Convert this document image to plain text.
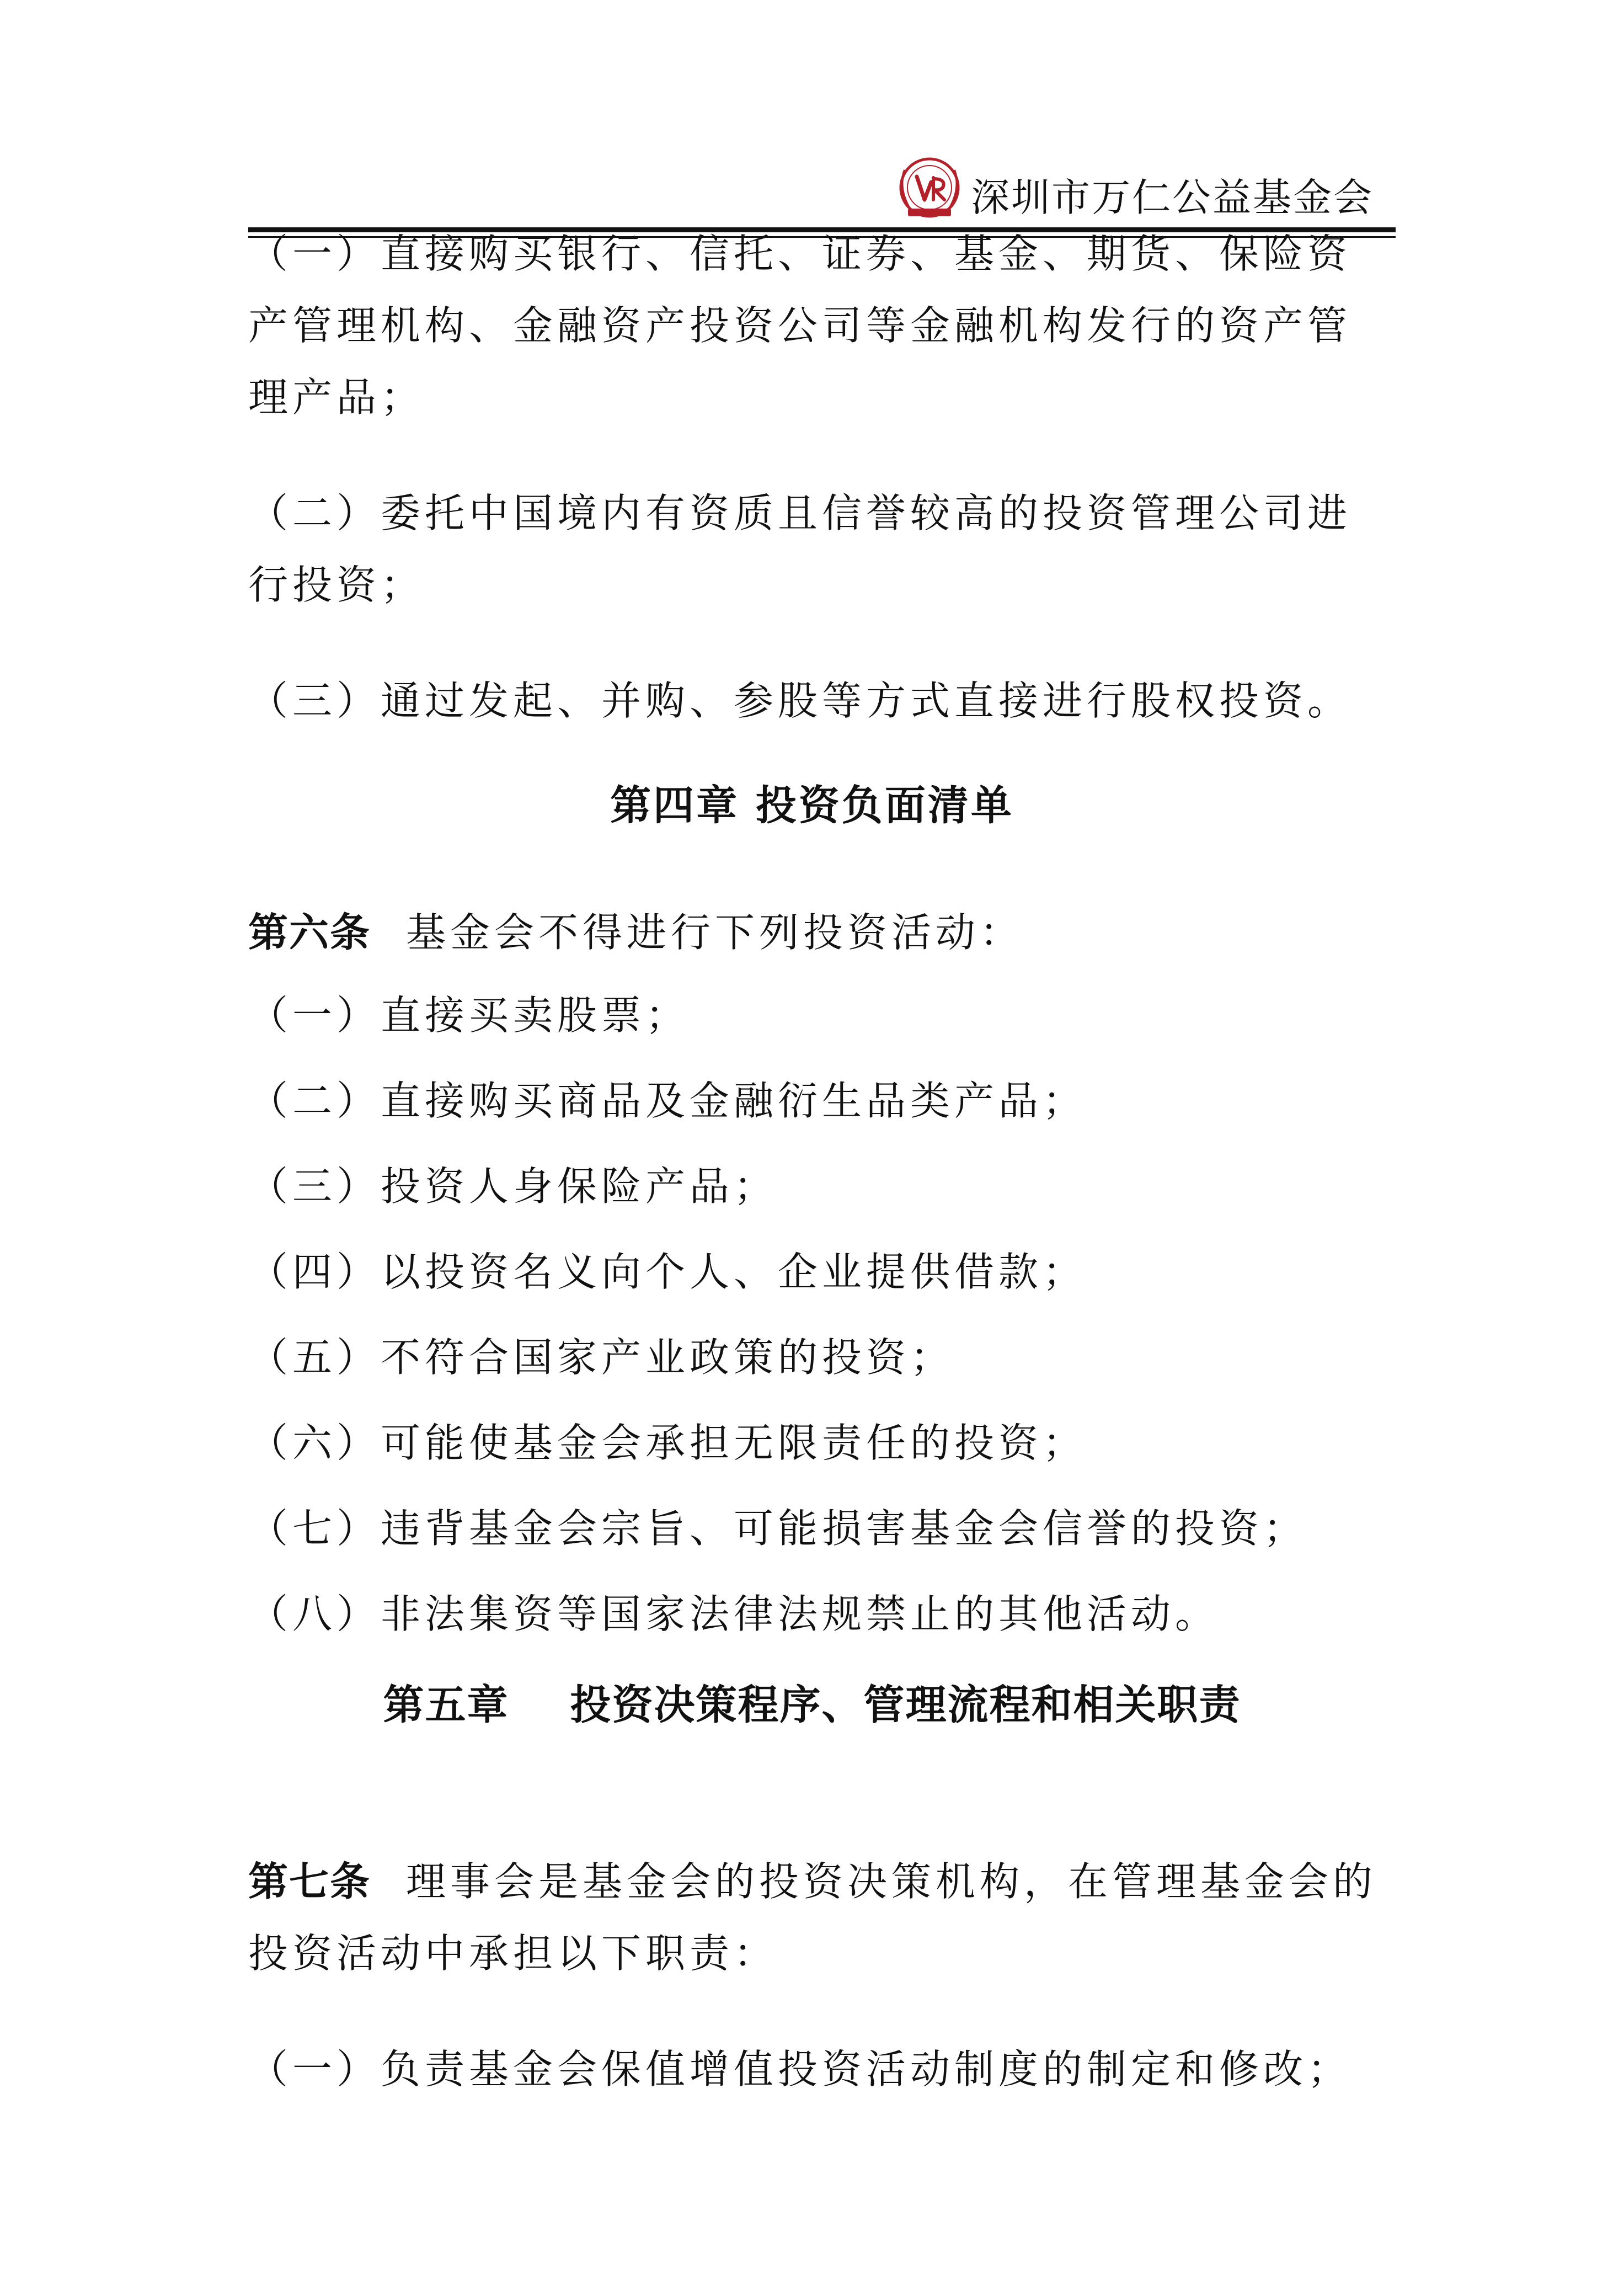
深圳市万仁公益基金会
（一）直接购买银行、信托、证券、基金、期货、保险资
产管理机构、金融资产投资公司等金融机构发行的资产管
理产品；
（二）委托中国境内有资质且信誉较高的投资管理公司进
行投资；
（三）通过发起、并购、参股等方式直接进行股权投资。
第四章 投资负面清单
第六条 基金会不得进行下列投资活动：
（一）直接买卖股票；
（二）直接购买商品及金融衍生品类产品；
（三）投资人身保险产品；
（四）以投资名义向个人、企业提供借款；
（五）不符合国家产业政策的投资；
（六）可能使基金会承担无限责任的投资；
（七）违背基金会宗旨、可能损害基金会信誉的投资；
（八）非法集资等国家法律法规禁止的其他活动。
第五章    投资决策程序、管理流程和相关职责
第七条 理事会是基金会的投资决策机构，在管理基金会的
投资活动中承担以下职责：
（一）负责基金会保值增值投资活动制度的制定和修改；
